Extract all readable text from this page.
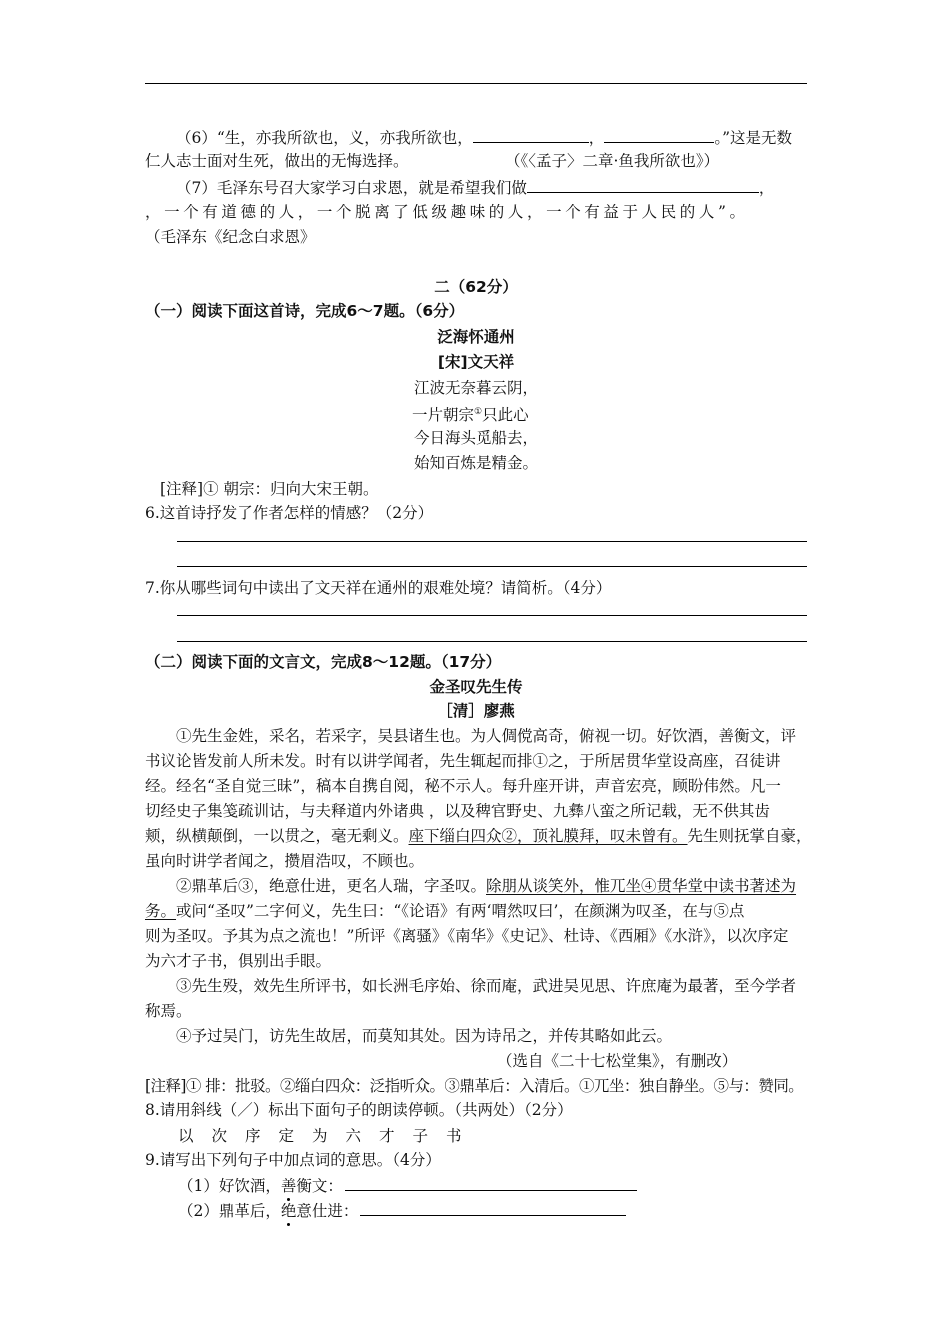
（6）“生，亦我所欲也，义，亦我所欲也，	，	。”这是无数
仁人志士面对生死，做出的无悔选择。	（《〈孟子〉二章·鱼我所欲也》）
（7）毛泽东号召大家学习白求恩，就是希望我们做	，
，一个有道德的人，一个脱离了低级趣味的人，一个有益于人民的人”。
（毛泽东《纪念白求恩》
二（62分）
（一）阅读下面这首诗，完成6～7题。（6分）
泛海怀通州
[宋]文天祥
江波无奈暮云阴，
一片朝宗①只此心
今日海头觅船去，
始知百炼是精金。
[注释]① 朝宗：归向大宋王朝。
6.这首诗抒发了作者怎样的情感？（2分）
7.你从哪些词句中读出了文天祥在通州的艰难处境？请简析。（4分）
（二）阅读下面的文言文，完成8～12题。（17分）
金圣叹先生传
［清］廖燕
①先生金姓，采名，若采字，吴县诸生也。为人倜傥高奇，俯视一切。好饮酒，善衡文，评
书议论皆发前人所未发。时有以讲学闻者，先生辄起而排①之，于所居贯华堂设高座，召徒讲
经。经名“圣自觉三昧”，稿本自携自阅，秘不示人。每升座开讲，声音宏亮，顾盼伟然。凡一
切经史子集笺疏训诂，与夫释道内外诸典 ，以及稗官野史、九彝八蛮之所记载，无不供其齿
颊，纵横颠倒，一以贯之，毫无剩义。座下缁白四众②，顶礼膜拜，叹未曾有。先生则抚掌自豪，
虽向时讲学者闻之，攒眉浩叹，不顾也。
②鼎革后③，绝意仕进，更名人瑞，字圣叹。除朋从谈笑外，惟兀坐④贯华堂中读书著述为
务。或问“圣叹”二字何义，先生曰：“《论语》有两‘喟然叹曰’，在颜渊为叹圣，在与⑤点
则为圣叹。予其为点之流也！”所评《离骚》《南华》《史记》、杜诗、《西厢》《水浒》，以次序定
为六才子书，俱别出手眼。
③先生殁，效先生所评书，如长洲毛序始、徐而庵，武进吴见思、许庶庵为最著，至今学者
称焉。
④予过吴门，访先生故居，而莫知其处。因为诗吊之，并传其略如此云。
（选自《二十七松堂集》，有删改）
[注释]① 排：批驳。②缁白四众：泛指听众。③鼎革后：入清后。①兀坐：独自静坐。⑤与：赞同。
8.请用斜线（／）标出下面句子的朗读停顿。（共两处）（2分）
以次序定为六才子书
9.请写出下列句子中加点词的意思。（4分）
（1）好饮酒，善衡文：
（2）鼎革后，绝意仕进：
